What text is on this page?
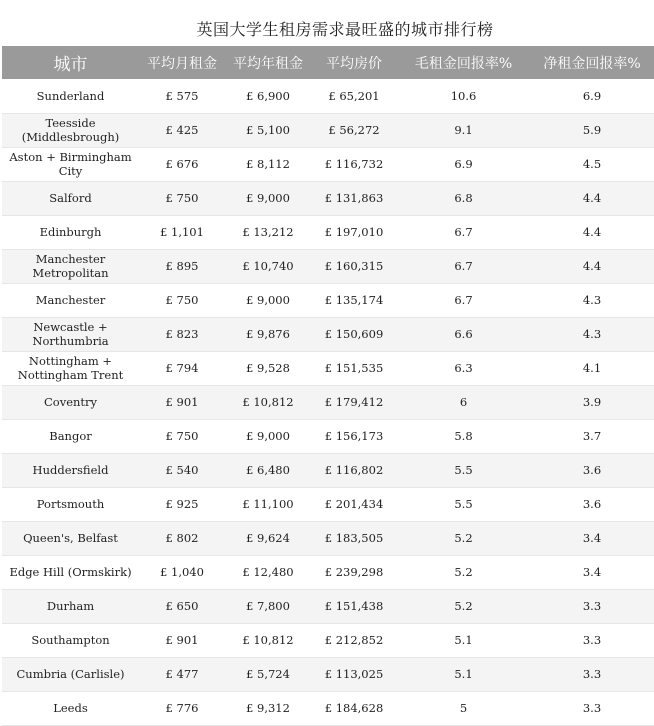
英国大学生租房需求最旺盛的城市排行榜
城市	平均月租金	平均年租金	平均房价	毛租金回报率%	净租金回报率%
Sunderland	£ 575	£ 6,900	£ 65,201	10.6	6.9
Teesside (Middlesbrough)	£ 425	£ 5,100	£ 56,272	9.1	5.9
Aston + Birmingham City	£ 676	£ 8,112	£ 116,732	6.9	4.5
Salford	£ 750	£ 9,000	£ 131,863	6.8	4.4
Edinburgh	£ 1,101	£ 13,212	£ 197,010	6.7	4.4
Manchester Metropolitan	£ 895	£ 10,740	£ 160,315	6.7	4.4
Manchester	£ 750	£ 9,000	£ 135,174	6.7	4.3
Newcastle + Northumbria	£ 823	£ 9,876	£ 150,609	6.6	4.3
Nottingham + Nottingham Trent	£ 794	£ 9,528	£ 151,535	6.3	4.1
Coventry	£ 901	£ 10,812	£ 179,412	6	3.9
Bangor	£ 750	£ 9,000	£ 156,173	5.8	3.7
Huddersfield	£ 540	£ 6,480	£ 116,802	5.5	3.6
Portsmouth	£ 925	£ 11,100	£ 201,434	5.5	3.6
Queen's, Belfast	£ 802	£ 9,624	£ 183,505	5.2	3.4
Edge Hill (Ormskirk)	£ 1,040	£ 12,480	£ 239,298	5.2	3.4
Durham	£ 650	£ 7,800	£ 151,438	5.2	3.3
Southampton	£ 901	£ 10,812	£ 212,852	5.1	3.3
Cumbria (Carlisle)	£ 477	£ 5,724	£ 113,025	5.1	3.3
Leeds	£ 776	£ 9,312	£ 184,628	5	3.3
